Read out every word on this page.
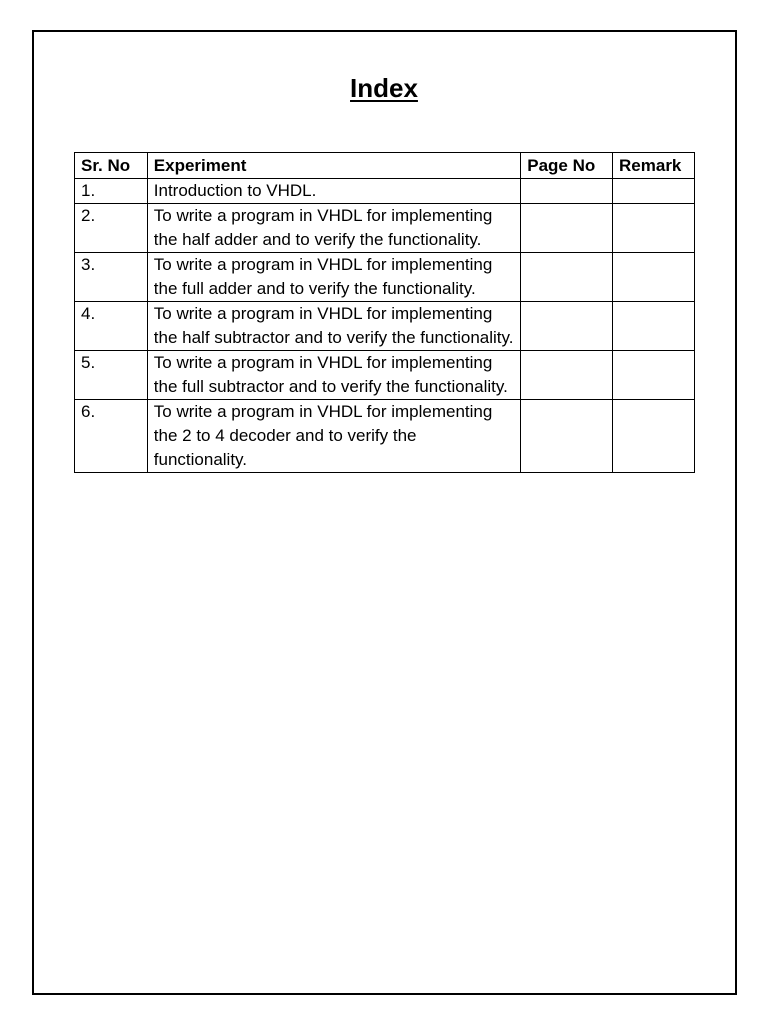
Index
Sr. No	Experiment	Page No	Remark
1.	Introduction to VHDL.		
2.	To write a program in VHDL for implementing the half adder and to verify the functionality.		
3.	To write a program in VHDL for implementing the full adder and to verify the functionality.		
4.	To write a program in VHDL for implementing the half subtractor and to verify the functionality.		
5.	To write a program in VHDL for implementing the full subtractor and to verify the functionality.		
6.	To write a program in VHDL for implementing the 2 to 4 decoder and to verify the functionality.		
